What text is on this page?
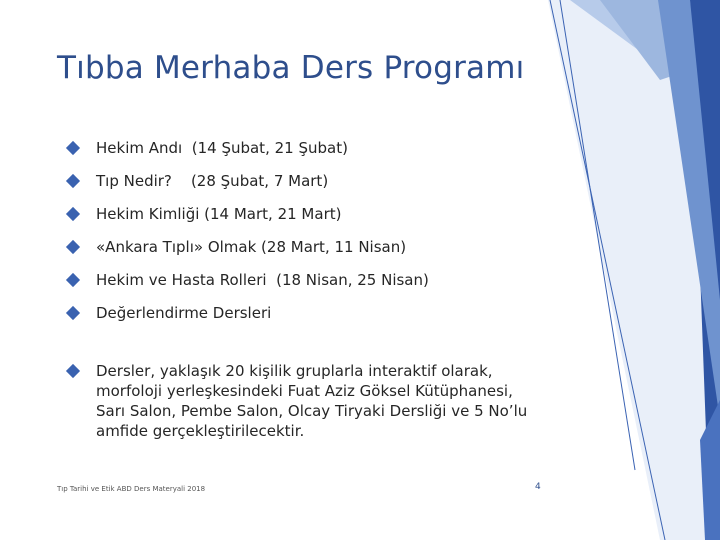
Tıbba Merhaba Ders Programı
Hekim Andı  (14 Şubat, 21 Şubat)
Tıp Nedir?    (28 Şubat, 7 Mart)
Hekim Kimliği (14 Mart, 21 Mart)
«Ankara Tıplı» Olmak (28 Mart, 11 Nisan)
Hekim ve Hasta Rolleri  (18 Nisan, 25 Nisan)
Değerlendirme Dersleri
Dersler, yaklaşık 20 kişilik gruplarla interaktif olarak, morfoloji yerleşkesindeki Fuat Aziz Göksel Kütüphanesi, Sarı Salon, Pembe Salon, Olcay Tiryaki Dersliği ve 5 No’lu amfide gerçekleştirilecektir.
Tıp Tarihi ve Etik ABD Ders Materyali 2018	4
